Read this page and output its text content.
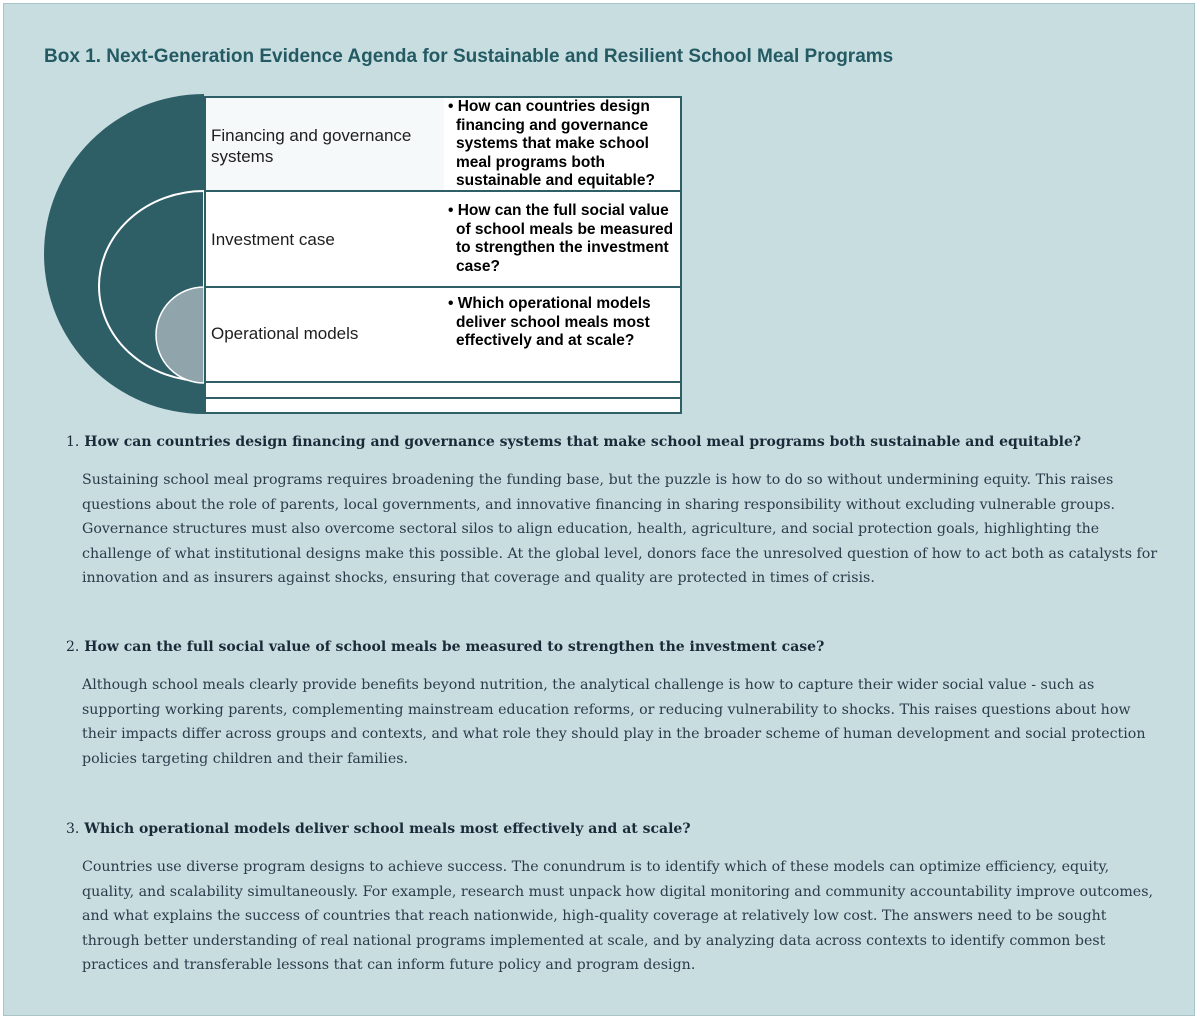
Box 1. Next-Generation Evidence Agenda for Sustainable and Resilient School Meal Programs
Financing and governance systems
• How can countries design financing and governance systems that make school meal programs both sustainable and equitable?
Investment case
• How can the full social value of school meals be measured to strengthen the investment case?
Operational models
• Which operational models deliver school meals most effectively and at scale?

1. How can countries design financing and governance systems that make school meal programs both sustainable and equitable?

Sustaining school meal programs requires broadening the funding base, but the puzzle is how to do so without undermining equity. This raises questions about the role of parents, local governments, and innovative financing in sharing responsibility without excluding vulnerable groups. Governance structures must also overcome sectoral silos to align education, health, agriculture, and social protection goals, highlighting the challenge of what institutional designs make this possible. At the global level, donors face the unresolved question of how to act both as catalysts for innovation and as insurers against shocks, ensuring that coverage and quality are protected in times of crisis.

2. How can the full social value of school meals be measured to strengthen the investment case?

Although school meals clearly provide benefits beyond nutrition, the analytical challenge is how to capture their wider social value - such as supporting working parents, complementing mainstream education reforms, or reducing vulnerability to shocks. This raises questions about how their impacts differ across groups and contexts, and what role they should play in the broader scheme of human development and social protection policies targeting children and their families.

3. Which operational models deliver school meals most effectively and at scale?

Countries use diverse program designs to achieve success. The conundrum is to identify which of these models can optimize efficiency, equity, quality, and scalability simultaneously. For example, research must unpack how digital monitoring and community accountability improve outcomes, and what explains the success of countries that reach nationwide, high-quality coverage at relatively low cost. The answers need to be sought through better understanding of real national programs implemented at scale, and by analyzing data across contexts to identify common best practices and transferable lessons that can inform future policy and program design.
